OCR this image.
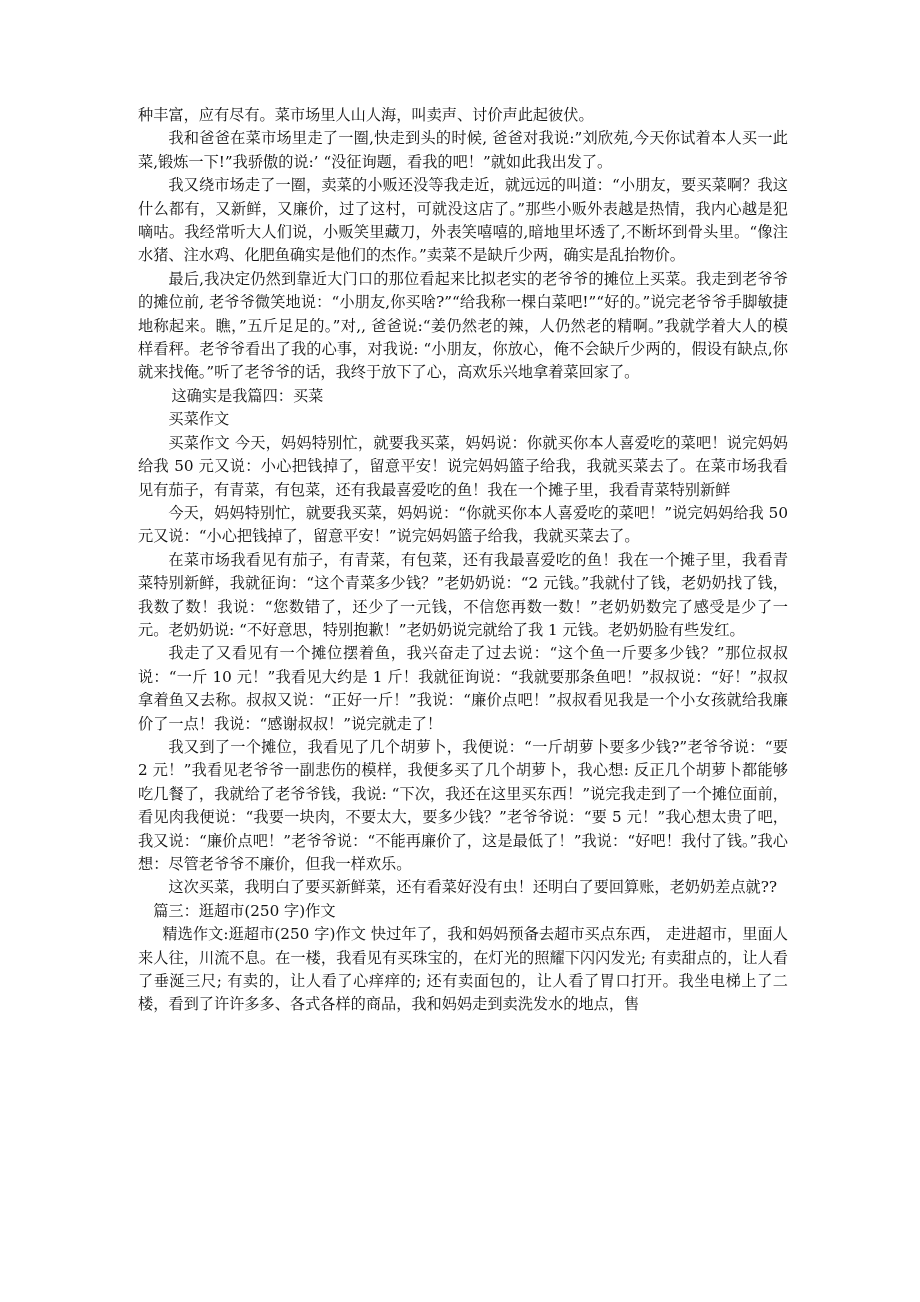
种丰富，应有尽有。菜市场里人山人海，叫卖声、讨价声此起彼伏。

我和爸爸在菜市场里走了一圈,快走到头的时候, 爸爸对我说:”刘欣苑,今天你试着本人买一此菜,锻炼一下!”我骄傲的说:’ “没征询题，看我的吧！”就如此我出发了。

我又绕市场走了一圈，卖菜的小贩还没等我走近，就远远的叫道：“小朋友，要买菜啊？我这什么都有，又新鲜，又廉价，过了这村，可就没这店了。”那些小贩外表越是热情，我内心越是犯嘀咕。我经常听大人们说，小贩笑里藏刀，外表笑嘻嘻的,暗地里坏透了,不断坏到骨头里。“像注水猪、注水鸡、化肥鱼确实是他们的杰作。”卖菜不是缺斤少两，确实是乱抬物价。

最后,我决定仍然到靠近大门口的那位看起来比拟老实的老爷爷的摊位上买菜。我走到老爷爷的摊位前, 老爷爷微笑地说：“小朋友,你买啥?”“给我称一棵白菜吧!”“好的。”说完老爷爷手脚敏捷地称起来。瞧，”五斤足足的。”对,, 爸爸说:“姜仍然老的辣，人仍然老的精啊。”我就学着大人的模样看秤。老爷爷看出了我的心事，对我说: “小朋友，你放心，俺不会缺斤少两的，假设有缺点,你就来找俺。”听了老爷爷的话，我终于放下了心，高欢乐兴地拿着菜回家了。

这确实是我篇四：买菜

买菜作文

买菜作文 今天，妈妈特别忙，就要我买菜，妈妈说：你就买你本人喜爱吃的菜吧！说完妈妈给我 50 元又说：小心把钱掉了，留意平安！说完妈妈篮子给我，我就买菜去了。在菜市场我看见有茄子，有青菜，有包菜，还有我最喜爱吃的鱼！我在一个摊子里，我看青菜特别新鲜

今天，妈妈特别忙，就要我买菜，妈妈说：“你就买你本人喜爱吃的菜吧！”说完妈妈给我 50 元又说：“小心把钱掉了，留意平安！”说完妈妈篮子给我，我就买菜去了。

在菜市场我看见有茄子，有青菜，有包菜，还有我最喜爱吃的鱼！我在一个摊子里，我看青菜特别新鲜，我就征询：“这个青菜多少钱？”老奶奶说：“2 元钱。”我就付了钱，老奶奶找了钱，我数了数！我说：“您数错了，还少了一元钱，不信您再数一数！”老奶奶数完了感受是少了一元。老奶奶说: “不好意思，特别抱歉！”老奶奶说完就给了我 1 元钱。老奶奶脸有些发红。

我走了又看见有一个摊位摆着鱼，我兴奋走了过去说：“这个鱼一斤要多少钱？”那位叔叔说：“一斤 10 元！”我看见大约是 1 斤！我就征询说：“我就要那条鱼吧！”叔叔说：“好！”叔叔拿着鱼又去称。叔叔又说：“正好一斤！”我说：“廉价点吧！”叔叔看见我是一个小女孩就给我廉价了一点！我说：“感谢叔叔！”说完就走了！

我又到了一个摊位，我看见了几个胡萝卜，我便说：“一斤胡萝卜要多少钱?”老爷爷说：“要 2 元！”我看见老爷爷一副悲伤的模样，我便多买了几个胡萝卜，我心想: 反正几个胡萝卜都能够吃几餐了，我就给了老爷爷钱，我说: “下次，我还在这里买东西！”说完我走到了一个摊位面前，看见肉我便说：“我要一块肉，不要太大，要多少钱？”老爷爷说：“要 5 元！”我心想太贵了吧，我又说：“廉价点吧！”老爷爷说：“不能再廉价了，这是最低了！”我说：“好吧！我付了钱。”我心想：尽管老爷爷不廉价，但我一样欢乐。

这次买菜，我明白了要买新鲜菜，还有看菜好没有虫！还明白了要回算账，老奶奶差点就??

篇三：逛超市(250 字)作文

精选作文:逛超市(250 字)作文 快过年了，我和妈妈预备去超市买点东西， 走进超市，里面人来人往，川流不息。在一楼，我看见有买珠宝的，在灯光的照耀下闪闪发光; 有卖甜点的，让人看了垂涎三尺; 有卖的，让人看了心痒痒的; 还有卖面包的，让人看了胃口打开。我坐电梯上了二楼，看到了许许多多、各式各样的商品，我和妈妈走到卖洗发水的地点，售
